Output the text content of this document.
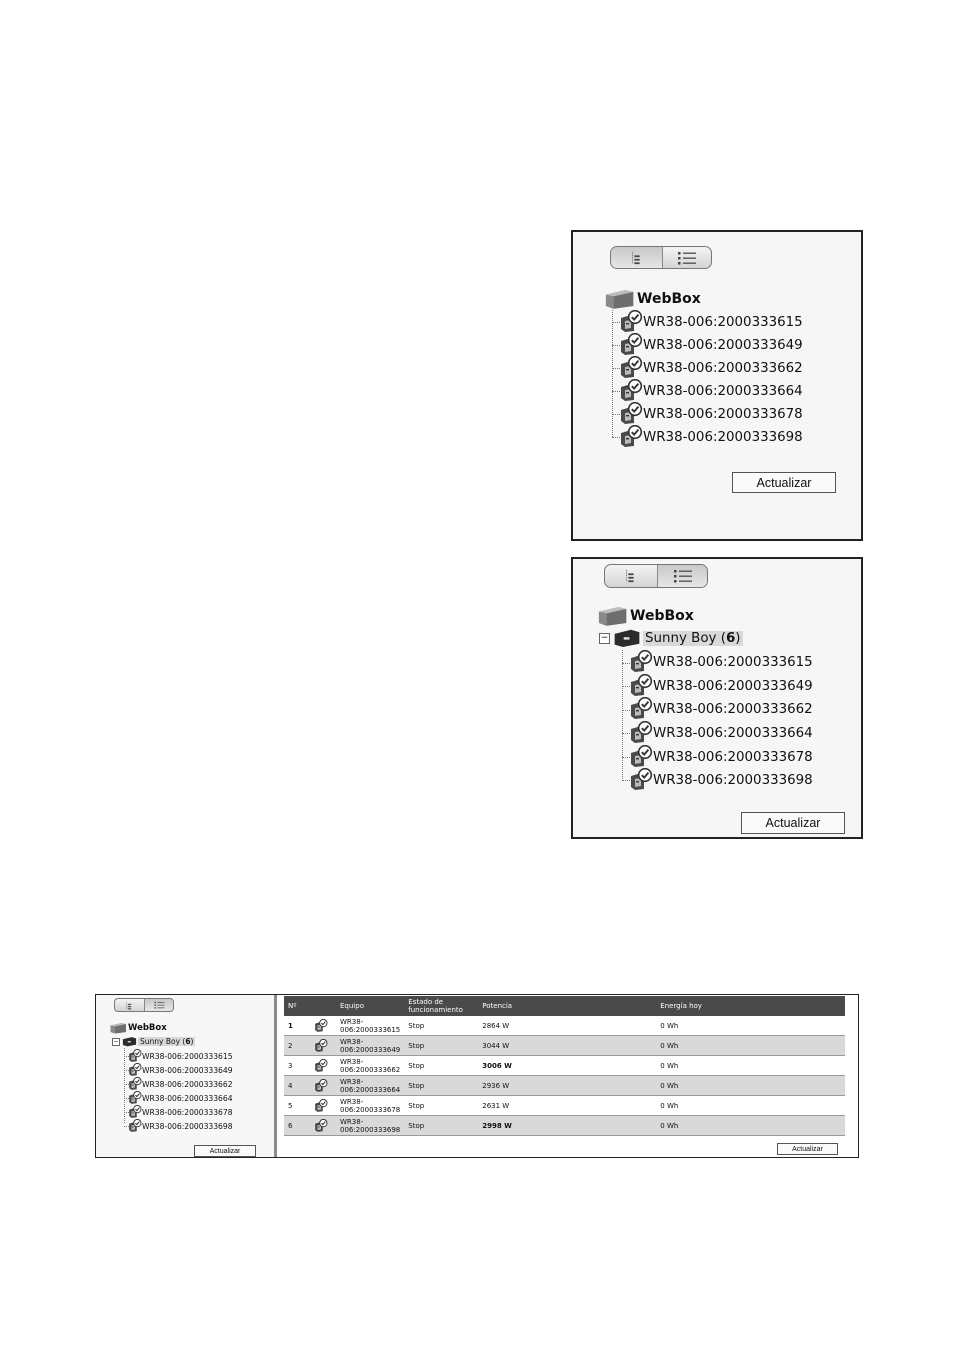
WebBox
WR38-006:2000333615
WR38-006:2000333649
WR38-006:2000333662
WR38-006:2000333664
WR38-006:2000333678
WR38-006:2000333698
Actualizar
WebBox
−	Sunny Boy (6)
WR38-006:2000333615
WR38-006:2000333649
WR38-006:2000333662
WR38-006:2000333664
WR38-006:2000333678
WR38-006:2000333698
Actualizar
WebBox
−	Sunny Boy (6)
WR38-006:2000333615
WR38-006:2000333649
WR38-006:2000333662
WR38-006:2000333664
WR38-006:2000333678
WR38-006:2000333698
Actualizar
Nº	Equipo	Estado de
funcionamiento	Potencia	Energía hoy
1	WR38-
006:2000333615	Stop	2864 W	0 Wh
2	WR38-
006:2000333649	Stop	3044 W	0 Wh
3	WR38-
006:2000333662	Stop	3006 W	0 Wh
4	WR38-
006:2000333664	Stop	2936 W	0 Wh
5	WR38-
006:2000333678	Stop	2631 W	0 Wh
6	WR38-
006:2000333698	Stop	2998 W	0 Wh
Actualizar
